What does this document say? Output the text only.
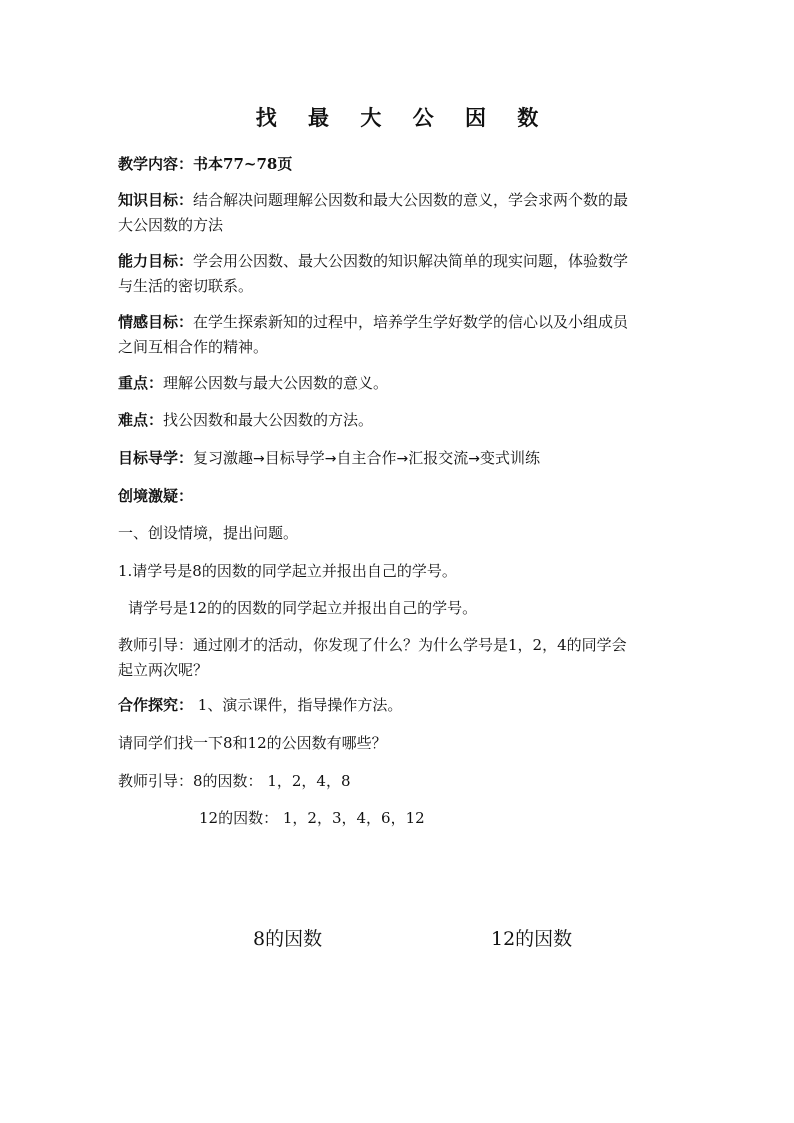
找 最 大 公 因 数
教学内容：书本77~78页
知识目标：结合解决问题理解公因数和最大公因数的意义，学会求两个数的最
大公因数的方法
能力目标：学会用公因数、最大公因数的知识解决简单的现实问题，体验数学
与生活的密切联系。
情感目标：在学生探索新知的过程中，培养学生学好数学的信心以及小组成员
之间互相合作的精神。
重点：理解公因数与最大公因数的意义。
难点：找公因数和最大公因数的方法。
目标导学：复习激趣→目标导学→自主合作→汇报交流→变式训练
创境激疑：
一、创设情境，提出问题。
1.请学号是8的因数的同学起立并报出自己的学号。
请学号是12的的因数的同学起立并报出自己的学号。
教师引导：通过刚才的活动，你发现了什么？为什么学号是1，2，4的同学会
起立两次呢？
合作探究： 1、演示课件，指导操作方法。
请同学们找一下8和12的公因数有哪些？
教师引导：8的因数： 1，2，4，8
12的因数： 1，2，3，4，6，12
8的因数	12的因数
